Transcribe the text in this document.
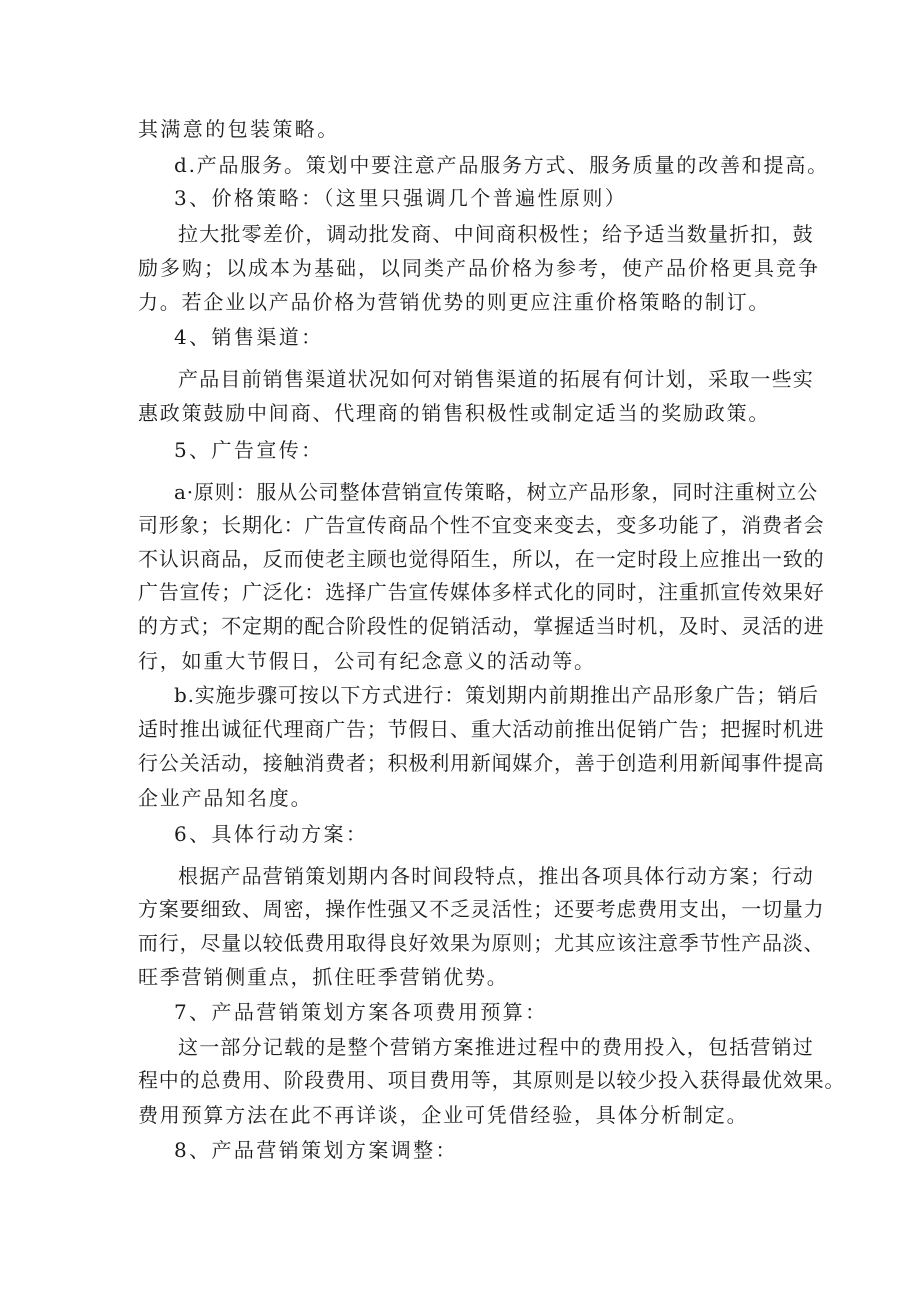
其满意的包装策略。
d.产品服务。策划中要注意产品服务方式、服务质量的改善和提高。
3、价格策略：（这里只强调几个普遍性原则）
拉大批零差价，调动批发商、中间商积极性；给予适当数量折扣，鼓
励多购；以成本为基础，以同类产品价格为参考，使产品价格更具竞争
力。若企业以产品价格为营销优势的则更应注重价格策略的制订。
4、销售渠道：
产品目前销售渠道状况如何对销售渠道的拓展有何计划，采取一些实
惠政策鼓励中间商、代理商的销售积极性或制定适当的奖励政策。
5、广告宣传：
a·原则：服从公司整体营销宣传策略，树立产品形象，同时注重树立公
司形象；长期化：广告宣传商品个性不宜变来变去，变多功能了，消费者会
不认识商品，反而使老主顾也觉得陌生，所以，在一定时段上应推出一致的
广告宣传；广泛化：选择广告宣传媒体多样式化的同时，注重抓宣传效果好
的方式；不定期的配合阶段性的促销活动，掌握适当时机，及时、灵活的进
行，如重大节假日，公司有纪念意义的活动等。
b.实施步骤可按以下方式进行：策划期内前期推出产品形象广告；销后
适时推出诚征代理商广告；节假日、重大活动前推出促销广告；把握时机进
行公关活动，接触消费者；积极利用新闻媒介，善于创造利用新闻事件提高
企业产品知名度。
6、具体行动方案：
根据产品营销策划期内各时间段特点，推出各项具体行动方案；行动
方案要细致、周密，操作性强又不乏灵活性；还要考虑费用支出，一切量力
而行，尽量以较低费用取得良好效果为原则；尤其应该注意季节性产品淡、
旺季营销侧重点，抓住旺季营销优势。
7、产品营销策划方案各项费用预算：
这一部分记载的是整个营销方案推进过程中的费用投入，包括营销过
程中的总费用、阶段费用、项目费用等，其原则是以较少投入获得最优效果。
费用预算方法在此不再详谈，企业可凭借经验，具体分析制定。
8、产品营销策划方案调整：
